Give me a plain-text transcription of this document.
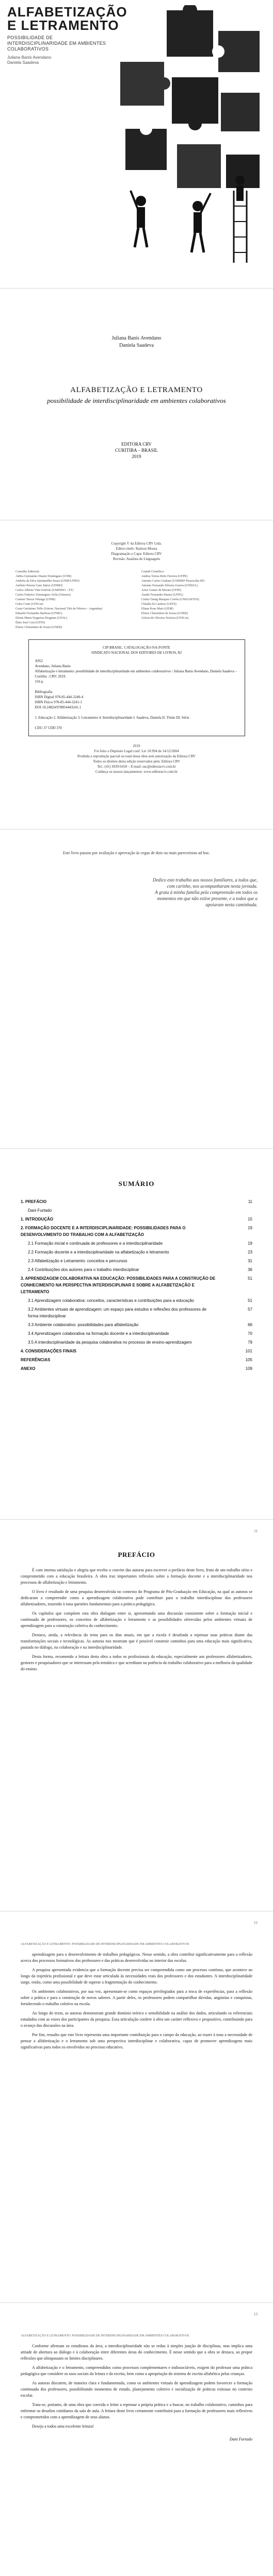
ALFABETIZAÇÃO
E LETRAMENTO
POSSIBILIDADE DE INTERDISCIPLINARIDADE EM AMBIENTES COLABORATIVOS
Juliana Banis Avendano
Daniela Saadeva
Juliana Banis Avendano
Daniela Saadeva
ALFABETIZAÇÃO E LETRAMENTO
possibilidade de interdisciplinaridade em ambientes colaborativos
EDITORA CRV
CURITIBA – BRASIL
2019
Copyright © da Editora CRV Ltda.
Editor-chefe: Railson Moura
Diagramação e Capa: Editora CRV
Revisão: Analista de Linguagem
Conselho Editorial:
Aldira Guimarães Duarte Domínguez (UNB)
Andréia da Silva Quintanilha Sousa (UNIR/UFRN)
Antônio Pereira Gaio Júnior (UFRRJ)
Carlos Alberto Vilar Estêvão (UMINHO – PT)
Carlos Federico Dominguez Avila (Unieuro)
Carmen Tereza Velanga (UNIR)
Celso Conti (UFSCar)
Cesar Gerónimo Tello (Univer. Nacional Três de Febrero – Argentina)
Eduardo Fernandes Barbosa (UFMG)
Elione Maria Nogueira Diogenes (UFAL)
Élsio José Corá (UFFS)
Elizeu Clementino de Souza (UNEB)
Comitê Científico:
Andrea Tereza Brito Ferreira (UFPE)
Antonio Carlos Giuliani (UNIMEP-Piracicaba-SP)
Antonio Fernando Silveira Guerra (UNISUL)
Artur Gomes de Morais (UFPE)
Ataide Fernandes Ramos (UFPA)
Cíntia Chung Marques Corrêa (UNISANTOS)
Cláudia Sá Cardoso (UEFS)
Eliane Rose Maio (UEM)
Elizeu Clementino de Souza (UNEB)
Gelson de Oliveira Teixeira (UFSCar)
CIP-BRASIL. CATALOGAÇÃO-NA-FONTE
SINDICATO NACIONAL DOS EDITORES DE LIVROS, RJ
A952
Avendano, Juliana Banis
Alfabetização e letramento: possibilidade de interdisciplinaridade em ambientes colaborativos / Juliana Banis Avendano, Daniela Saadeva – Curitiba : CRV, 2019.
156 p.

Bibliografia
ISBN Digital 978-85-444-3240-4
ISBN Físico 978-85-444-3241-1
DOI 10.24824/978854443241.1

1. Educação 2. Alfabetização 3. Letramento 4. Interdisciplinaridade I. Saadeva, Daniela II. Título III. Série.

CDU 37 CDD 370
2019
Foi feito o Depósito Legal conf. Lei 10.994 de 14/12/2004
Proibida a reprodução parcial ou total desta obra sem autorização da Editora CRV
Todos os direitos desta edição reservados pela: Editora CRV
Tel.: (41) 3039-6418 – E-mail: sac@editoracrv.com.br
Conheça os nossos lançamentos: www.editoracrv.com.br
Este livro passou por avaliação e aprovação às cegas de dois ou mais pareceristas ad hoc.
Dedico este trabalho aos nossos familiares, a todos que, com carinho, nos acompanharam nesta jornada.
A grata à minha família pela compreensão em todos os momentos em que não estive presente, e a todos que a apoiaram nesta caminhada.
SUMÁRIO
1. PREFÁCIO	11
Dani Furtado
1. INTRODUÇÃO	15
2. FORMAÇÃO DOCENTE E A INTERDISCIPLINARIDADE: POSSIBILIDADES PARA O DESENVOLVIMENTO DO TRABALHO COM A ALFABETIZAÇÃO
19
2.1 Formação inicial e continuada de professores e a interdisciplinaridade	19
2.2 Formação docente e a interdisciplinaridade na alfabetização e letramento	23
2.3 Alfabetização e Letramento: conceitos e percursos	31
2.4 Contribuições dos autores para o trabalho interdisciplinar	36
3. APRENDIZAGEM COLABORATIVA NA EDUCAÇÃO: POSSIBILIDADES PARA A CONSTRUÇÃO DE CONHECIMENTO NA PERSPECTIVA INTERDISCIPLINAR E SOBRE A ALFABETIZAÇÃO E LETRAMENTO
51
3.1 Aprendizagem colaborativa: conceitos, características e contribuições para a educação	51
3.2 Ambientes virtuais de aprendizagem: um espaço para estudos e reflexões dos professores de forma interdisciplinar
57
3.3 Ambiente colaborativo: possibilidades para alfabetização	66
3.4 Aprendizagem colaborativa na formação docente e a interdisciplinaridade	70
3.5 A interdisciplinaridade da pesquisa colaborativa no processo de ensino-aprendizagem	79
4. CONSIDERAÇÕES FINAIS	101
REFERÊNCIAS	105
ANEXO	109
11
PREFÁCIO

É com imensa satisfação e alegria que recebo o convite das autoras para escrever o prefácio deste livro, fruto de um trabalho sério e comprometido com a educação brasileira. A obra traz importantes reflexões sobre a formação docente e a interdisciplinaridade nos processos de alfabetização e letramento.

O livro é resultado de uma pesquisa desenvolvida no contexto do Programa de Pós-Graduação em Educação, na qual as autoras se dedicaram a compreender como a aprendizagem colaborativa pode contribuir para o trabalho interdisciplinar dos professores alfabetizadores, trazendo à tona questões fundamentais para a prática pedagógica.

Os capítulos que compõem esta obra dialogam entre si, apresentando uma discussão consistente sobre a formação inicial e continuada de professores, os conceitos de alfabetização e letramento e as possibilidades oferecidas pelos ambientes virtuais de aprendizagem para a construção coletiva do conhecimento.

Destaco, ainda, a relevância do tema para os dias atuais, em que a escola é desafiada a repensar suas práticas diante das transformações sociais e tecnológicas. As autoras nos mostram que é possível construir caminhos para uma educação mais significativa, pautada no diálogo, na colaboração e na interdisciplinaridade.

Desta forma, recomendo a leitura desta obra a todos os profissionais da educação, especialmente aos professores alfabetizadores, gestores e pesquisadores que se interessam pela temática e que acreditam na potência do trabalho colaborativo para a melhoria da qualidade do ensino.

ALFABETIZAÇÃO E LETRAMENTO: POSSIBILIDADE DE INTERDISCIPLINARIDADE EM AMBIENTES COLABORATIVOS
12

aprendizagem para o desenvolvimento de trabalhos pedagógicos. Nesse sentido, a obra contribui significativamente para a reflexão acerca dos processos formativos dos professores e das práticas desenvolvidas no interior das escolas.

A pesquisa apresentada evidencia que a formação docente precisa ser compreendida como um processo contínuo, que acontece ao longo da trajetória profissional e que deve estar articulada às necessidades reais dos professores e dos estudantes. A interdisciplinaridade surge, então, como uma possibilidade de superar a fragmentação do conhecimento.

Os ambientes colaborativos, por sua vez, apresentam-se como espaços privilegiados para a troca de experiências, para a reflexão sobre a prática e para a construção de novos saberes. A partir deles, os professores podem compartilhar dúvidas, angústias e conquistas, fortalecendo o trabalho coletivo na escola.

Ao longo do texto, as autoras demonstram grande domínio teórico e sensibilidade na análise dos dados, articulando os referenciais estudados com as vozes dos participantes da pesquisa. Essa articulação confere à obra um caráter reflexivo e propositivo, contribuindo para o avanço das discussões na área.

Por fim, ressalto que este livro representa uma importante contribuição para o campo da educação, ao trazer à tona a necessidade de pensar a alfabetização e o letramento sob uma perspectiva interdisciplinar e colaborativa, capaz de promover aprendizagens mais significativas para todos os envolvidos no processo educativo.

ALFABETIZAÇÃO E LETRAMENTO: POSSIBILIDADE DE INTERDISCIPLINARIDADE EM AMBIENTES COLABORATIVOS
13

Conforme afirmam os estudiosos da área, a interdisciplinaridade não se reduz à simples junção de disciplinas, mas implica uma atitude de abertura ao diálogo e à colaboração entre diferentes áreas do conhecimento. É nesse sentido que a obra se destaca, ao propor reflexões que ultrapassam os limites disciplinares.

A alfabetização e o letramento, compreendidos como processos complementares e indissociáveis, exigem do professor uma prática pedagógica que considere os usos sociais da leitura e da escrita, bem como a apropriação do sistema de escrita alfabética pelas crianças.

As autoras discutem, de maneira clara e fundamentada, como os ambientes virtuais de aprendizagem podem favorecer a formação continuada dos professores, possibilitando momentos de estudo, planejamento coletivo e socialização de práticas exitosas no contexto escolar.

Trata-se, portanto, de uma obra que convida o leitor a repensar a própria prática e a buscar, no trabalho colaborativo, caminhos para enfrentar os desafios cotidianos da sala de aula. A leitura deste livro certamente contribuirá para a formação de professores mais reflexivos e comprometidos com a aprendizagem de seus alunos.

Desejo a todos uma excelente leitura!

Dani Furtado
